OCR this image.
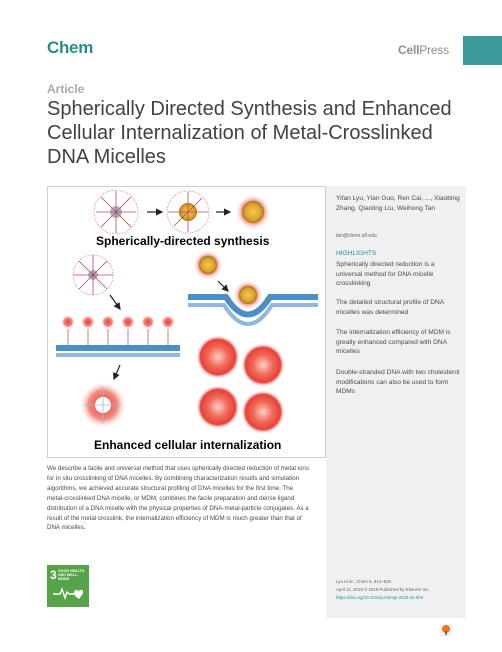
Chem	CellPress
Article
Spherically Directed Synthesis and Enhanced Cellular Internalization of Metal-Crosslinked DNA Micelles
Spherically-directed synthesis
Enhanced cellular internalization
Yifan Lyu, Yian Guo, Ren Cai, ..., Xiaobing Zhang, Qiaoling Liu, Weihong Tan
tan@chem.ufl.edu
HIGHLIGHTS
Spherically directed reduction is a universal method for DNA micelle crosslinking
The detailed structural profile of DNA micelles was determined
The internalization efficiency of MDM is greatly enhanced compared with DNA micelles
Double-stranded DNA with two cholesterol modifications can also be used to form MDMs
Lyu et al., Chem 5, 913–928
April 11, 2019 © 2019 Published by Elsevier Inc.
https://doi.org/10.1016/j.chempr.2019.02.004
We describe a facile and universal method that uses spherically directed reduction of metal ions for in situ crosslinking of DNA micelles. By combining characterization results and simulation algorithms, we achieved accurate structural profiling of DNA micelles for the first time. The metal-crosslinked DNA micelle, or MDM, combines the facile preparation and dense ligand distribution of a DNA micelle with the physical properties of DNA-metal-particle conjugates. As a result of the metal crosslink, the internalization efficiency of MDM is much greater than that of DNA micelles.
3 GOOD HEALTH AND WELL-BEING
